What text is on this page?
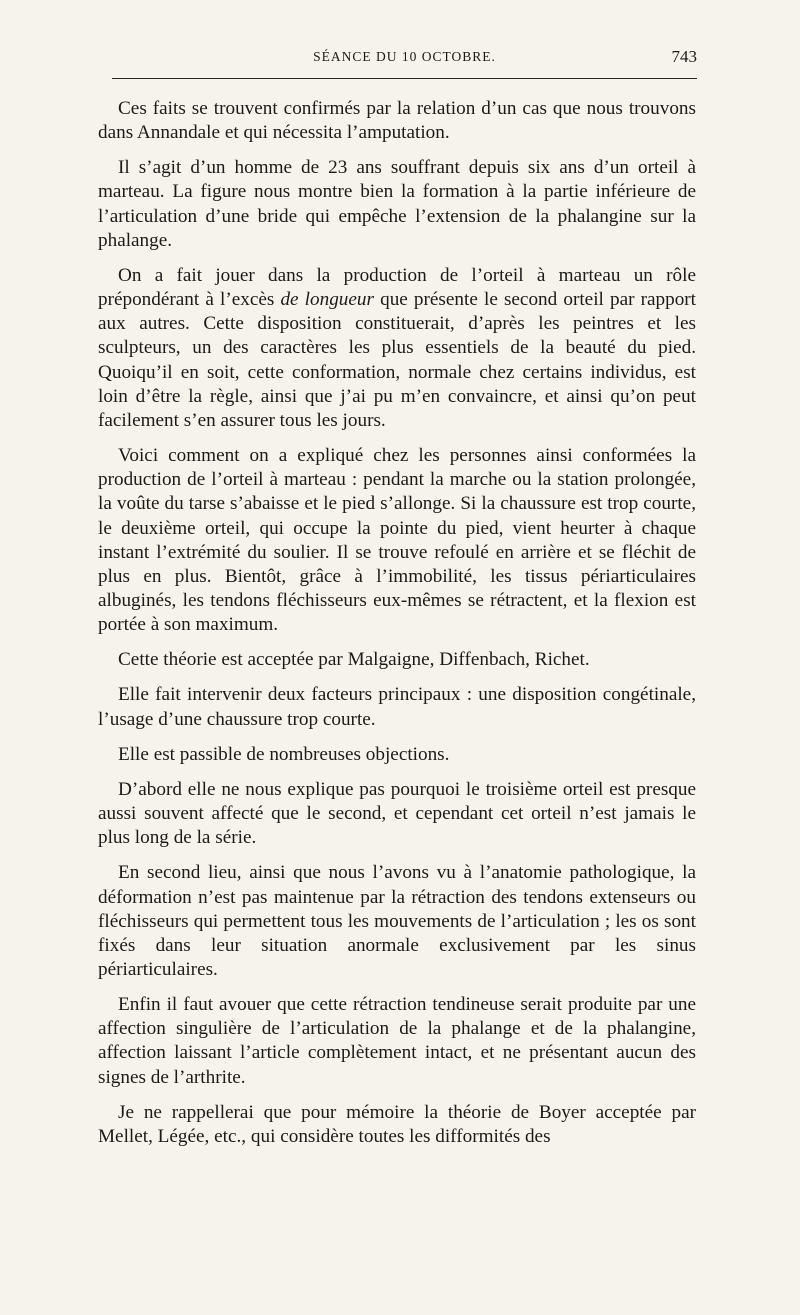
SÉANCE DU 10 OCTOBRE.	743

Ces faits se trouvent confirmés par la relation d’un cas que nous trouvons dans Annandale et qui nécessita l’amputation.

Il s’agit d’un homme de 23 ans souffrant depuis six ans d’un orteil à marteau. La figure nous montre bien la formation à la partie inférieure de l’articulation d’une bride qui empêche l’extension de la phalangine sur la phalange.

On a fait jouer dans la production de l’orteil à marteau un rôle prépondérant à l’excès de longueur que présente le second orteil par rapport aux autres. Cette disposition constituerait, d’après les peintres et les sculpteurs, un des caractères les plus essentiels de la beauté du pied. Quoiqu’il en soit, cette conformation, normale chez certains individus, est loin d’être la règle, ainsi que j’ai pu m’en convaincre, et ainsi qu’on peut facilement s’en assurer tous les jours.

Voici comment on a expliqué chez les personnes ainsi conformées la production de l’orteil à marteau : pendant la marche ou la station prolongée, la voûte du tarse s’abaisse et le pied s’allonge. Si la chaussure est trop courte, le deuxième orteil, qui occupe la pointe du pied, vient heurter à chaque instant l’extrémité du soulier. Il se trouve refoulé en arrière et se fléchit de plus en plus. Bientôt, grâce à l’immobilité, les tissus périarticulaires albuginés, les tendons fléchisseurs eux-mêmes se rétractent, et la flexion est portée à son maximum.

Cette théorie est acceptée par Malgaigne, Diffenbach, Richet.

Elle fait intervenir deux facteurs principaux : une disposition congétinale, l’usage d’une chaussure trop courte.

Elle est passible de nombreuses objections.

D’abord elle ne nous explique pas pourquoi le troisième orteil est presque aussi souvent affecté que le second, et cependant cet orteil n’est jamais le plus long de la série.

En second lieu, ainsi que nous l’avons vu à l’anatomie pathologique, la déformation n’est pas maintenue par la rétraction des tendons extenseurs ou fléchisseurs qui permettent tous les mouvements de l’articulation ; les os sont fixés dans leur situation anormale exclusivement par les sinus périarticulaires.

Enfin il faut avouer que cette rétraction tendineuse serait produite par une affection singulière de l’articulation de la phalange et de la phalangine, affection laissant l’article complètement intact, et ne présentant aucun des signes de l’arthrite.

Je ne rappellerai que pour mémoire la théorie de Boyer acceptée par Mellet, Légée, etc., qui considère toutes les difformités des
